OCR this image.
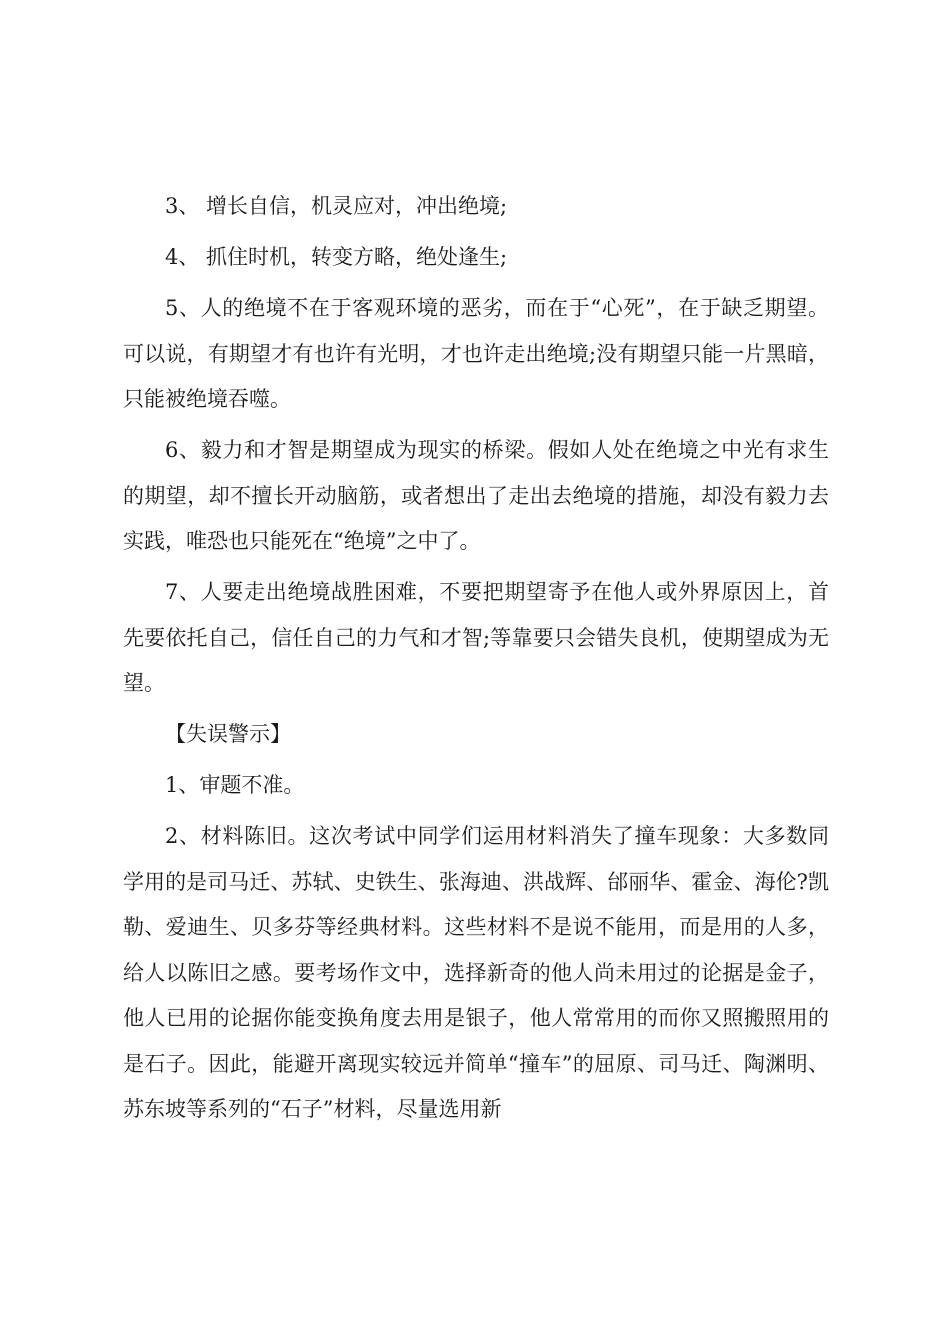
3、 增长自信，机灵应对，冲出绝境;

4、 抓住时机，转变方略，绝处逢生;

5、人的绝境不在于客观环境的恶劣，而在于“心死”，在于缺乏期望。可以说，有期望才有也许有光明，才也许走出绝境;没有期望只能一片黑暗，只能被绝境吞噬。

6、毅力和才智是期望成为现实的桥梁。假如人处在绝境之中光有求生的期望，却不擅长开动脑筋，或者想出了走出去绝境的措施，却没有毅力去实践，唯恐也只能死在“绝境”之中了。

7、人要走出绝境战胜困难，不要把期望寄予在他人或外界原因上，首先要依托自己，信任自己的力气和才智;等靠要只会错失良机，使期望成为无望。

【失误警示】

1、审题不准。

2、材料陈旧。这次考试中同学们运用材料消失了撞车现象：大多数同学用的是司马迁、苏轼、史铁生、张海迪、洪战辉、邰丽华、霍金、海伦?凯勒、爱迪生、贝多芬等经典材料。这些材料不是说不能用，而是用的人多，给人以陈旧之感。要考场作文中，选择新奇的他人尚未用过的论据是金子，他人已用的论据你能变换角度去用是银子，他人常常用的而你又照搬照用的是石子。因此，能避开离现实较远并简单“撞车”的屈原、司马迁、陶渊明、苏东坡等系列的“石子”材料，尽量选用新
